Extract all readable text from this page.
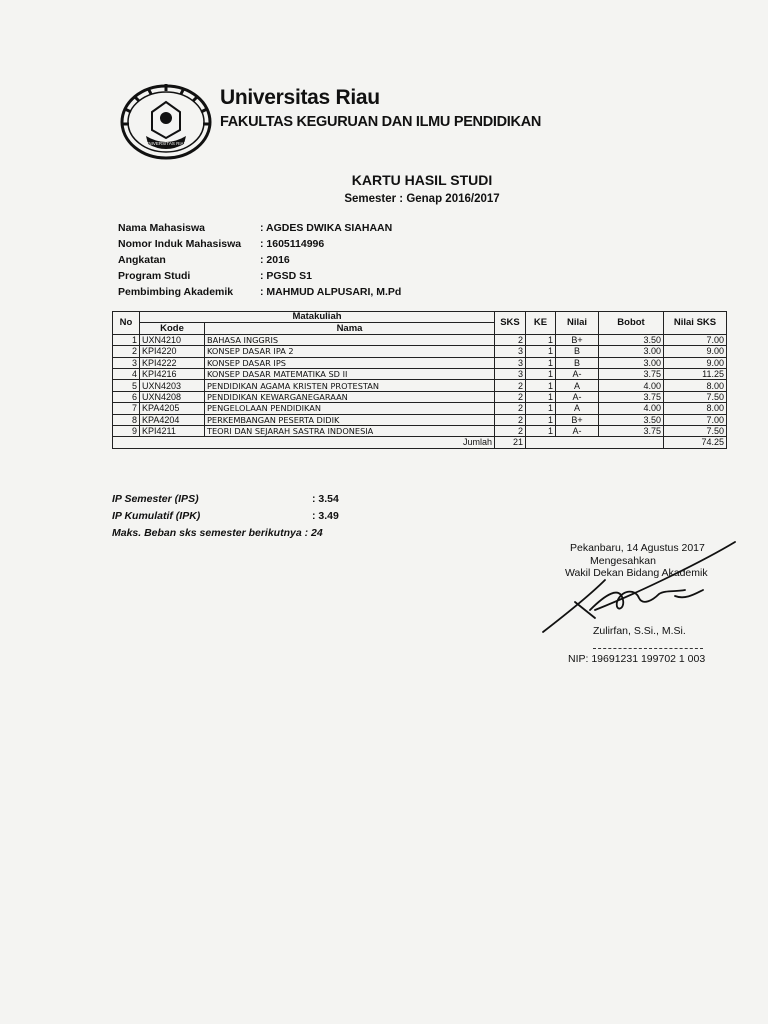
UNIVERSITAS RIAU
Universitas Riau
FAKULTAS KEGURUAN DAN ILMU PENDIDIKAN
KARTU HASIL STUDI
Semester : Genap 2016/2017
Nama Mahasiswa	: AGDES DWIKA SIAHAAN
Nomor Induk Mahasiswa	: 1605114996
Angkatan	: 2016
Program Studi	: PGSD S1
Pembimbing Akademik	: MAHMUD ALPUSARI, M.Pd
No	Matakuliah		SKS	KE	Nilai	Bobot	Nilai SKS
	Kode	Nama					
1	UXN4210	BAHASA INGGRIS	2	1	B+	3.50	7.00
2	KPI4220	KONSEP DASAR IPA 2	3	1	B	3.00	9.00
3	KPI4222	KONSEP DASAR IPS	3	1	B	3.00	9.00
4	KPI4216	KONSEP DASAR MATEMATIKA SD II	3	1	A-	3.75	11.25
5	UXN4203	PENDIDIKAN AGAMA KRISTEN PROTESTAN	2	1	A	4.00	8.00
6	UXN4208	PENDIDIKAN KEWARGANEGARAAN	2	1	A-	3.75	7.50
7	KPA4205	PENGELOLAAN PENDIDIKAN	2	1	A	4.00	8.00
8	KPA4204	PERKEMBANGAN PESERTA DIDIK	2	1	B+	3.50	7.00
9	KPI4211	TEORI DAN SEJARAH SASTRA INDONESIA	2	1	A-	3.75	7.50
Jumlah			21				74.25
IP Semester (IPS)	: 3.54
IP Kumulatif (IPK)	: 3.49
Maks. Beban sks semester berikutnya : 24
Pekanbaru, 14 Agustus 2017
Mengesahkan
Wakil Dekan Bidang Akademik
Zulirfan, S.Si., M.Si.
NIP: 19691231 199702 1 003
